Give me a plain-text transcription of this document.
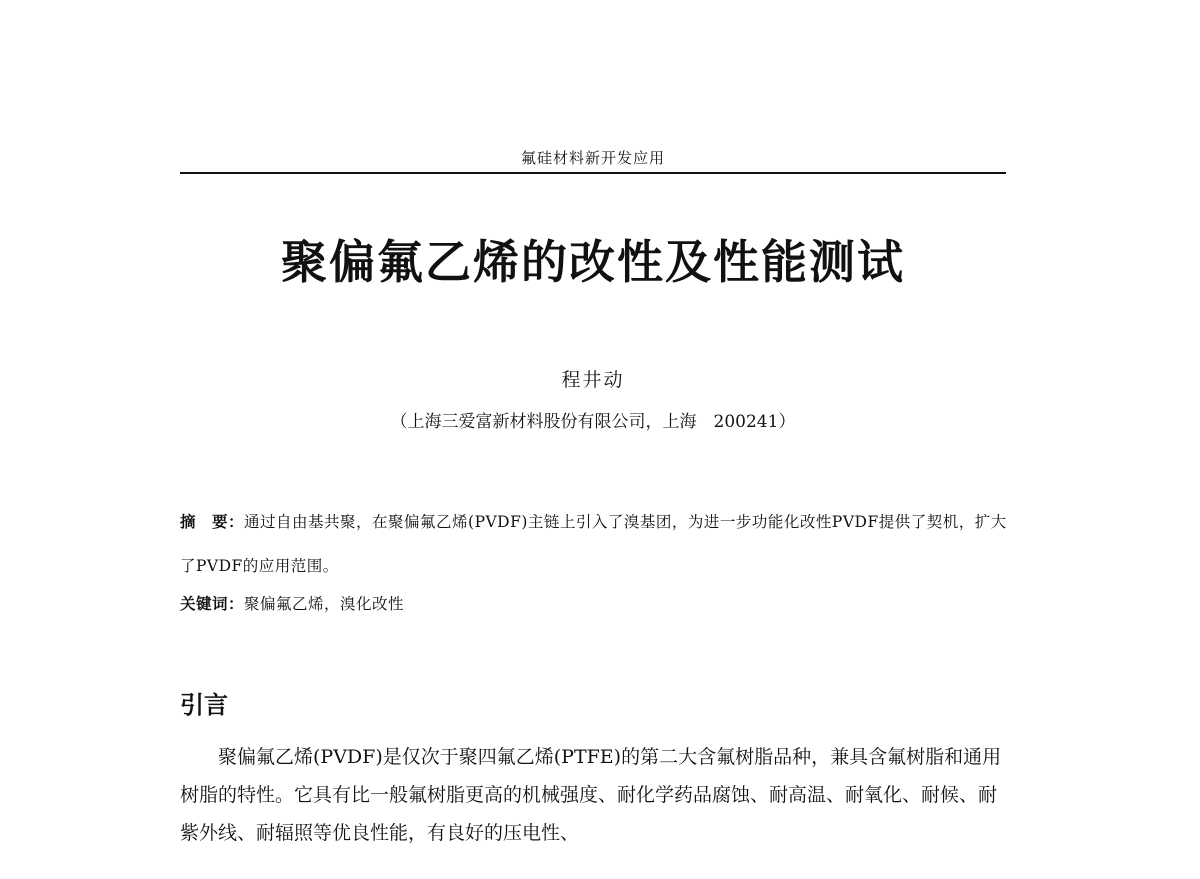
氟硅材料新开发应用
聚偏氟乙烯的改性及性能测试
程井动
（上海三爱富新材料股份有限公司，上海　200241）

摘　要：通过自由基共聚，在聚偏氟乙烯(PVDF)主链上引入了溴基团，为进一步功能化改性PVDF提供了契机，扩大了PVDF的应用范围。

关键词：聚偏氟乙烯，溴化改性
引言

聚偏氟乙烯(PVDF)是仅次于聚四氟乙烯(PTFE)的第二大含氟树脂品种，兼具含氟树脂和通用树脂的特性。它具有比一般氟树脂更高的机械强度、耐化学药品腐蚀、耐高温、耐氧化、耐候、耐紫外线、耐辐照等优良性能，有良好的压电性、
